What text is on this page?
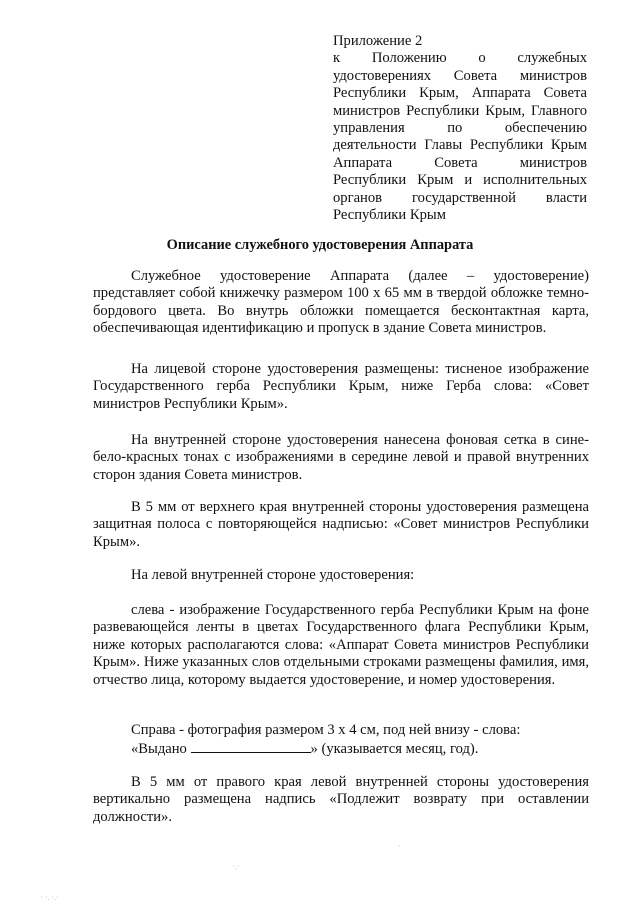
Приложение 2
к Положению о служебных
удостоверениях Совета министров
Республики Крым, Аппарата Совета
министров Республики Крым, Главного
управления по обеспечению
деятельности Главы Республики Крым
Аппарата Совета министров
Республики Крым и исполнительных
органов государственной власти
Республики Крым
Описание служебного удостоверения Аппарата

Служебное удостоверение Аппарата (далее – удостоверение) представляет собой книжечку размером 100 х 65 мм в твердой обложке темно-бордового цвета. Во внутрь обложки помещается бесконтактная карта, обеспечивающая идентификацию и пропуск в здание Совета министров.

На лицевой стороне удостоверения размещены: тисненое изображение Государственного герба Республики Крым, ниже Герба слова: «Совет министров Республики Крым».

На внутренней стороне удостоверения нанесена фоновая сетка в сине-бело-красных тонах с изображениями в середине левой и правой внутренних сторон здания Совета министров.

В 5 мм от верхнего края внутренней стороны удостоверения размещена защитная полоса с повторяющейся надписью: «Совет министров Республики Крым».

На левой внутренней стороне удостоверения:

слева - изображение Государственного герба Республики Крым на фоне развевающейся ленты в цветах Государственного флага Республики Крым, ниже которых располагаются слова: «Аппарат Совета министров Республики Крым». Ниже указанных слов отдельными строками размещены фамилия, имя, отчество лица, которому выдается удостоверение, и номер удостоверения.

Справа - фотография размером 3 х 4 см, под ней внизу - слова:
«Выдано	» (указывается месяц, год).

В 5 мм от правого края левой внутренней стороны удостоверения вертикально размещена надпись «Подлежит возврату при оставлении должности».

·.·
·
· ·. ·.·
